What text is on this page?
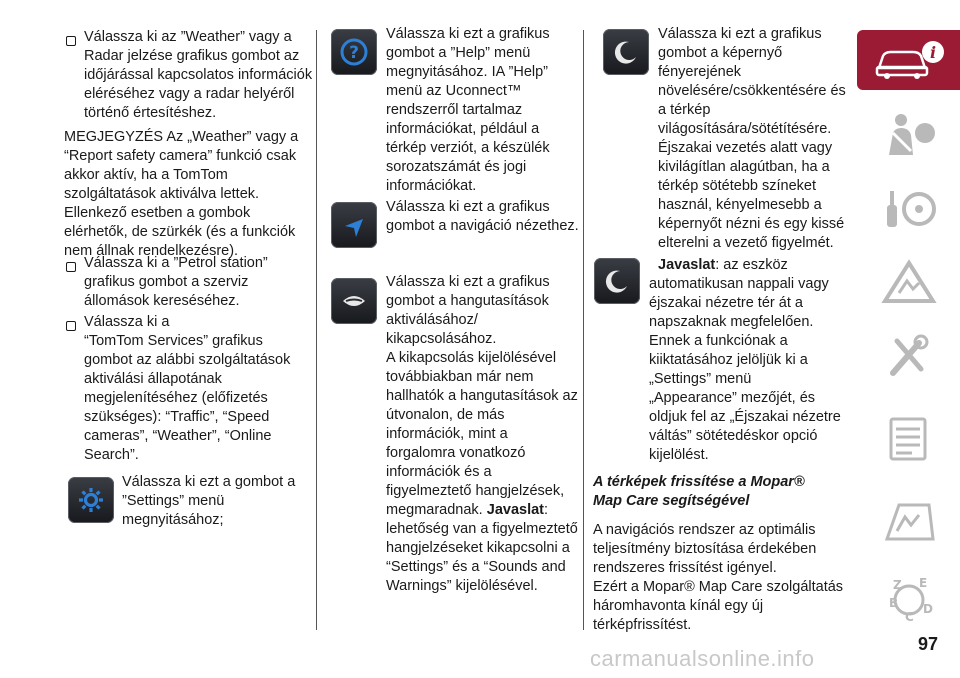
Válassza ki az ”Weather” vagy a

Radar jelzése grafikus gombot az

időjárással kapcsolatos információk

eléréséhez vagy a radar helyéről

történő értesítéshez.

MEGJEGYZÉS Az „Weather” vagy a

“Report safety camera” funkció csak

akkor aktív, ha a TomTom

szolgáltatások aktiválva lettek.

Ellenkező esetben a gombok

elérhetők, de szürkék (és a funkciók

nem állnak rendelkezésre).

Válassza ki a ”Petrol station”

grafikus gombot a szerviz

állomások kereséséhez.

Válassza ki a

“TomTom Services” grafikus

gombot az alábbi szolgáltatások

aktiválási állapotának

megjelenítéséhez (előfizetés

szükséges): “Traffic”, “Speed

cameras”, “Weather”, “Online

Search”.

Válassza ki ezt a gombot a

”Settings” menü

megnyitásához;

?

Válassza ki ezt a grafikus

gombot a ”Help” menü

megnyitásához. IA ”Help”

menü az Uconnect™

rendszerről tartalmaz

információkat, például a

térkép verziót, a készülék

sorozatszámát és jogi

információkat.

Válassza ki ezt a grafikus

gombot a navigáció nézethez.

Válassza ki ezt a grafikus

gombot a hangutasítások

aktiválásához/

kikapcsolásához.

A kikapcsolás kijelölésével

továbbiakban már nem

hallhatók a hangutasítások az

útvonalon, de más

információk, mint a

forgalomra vonatkozó

információk és a

figyelmeztető hangjelzések,

megmaradnak. Javaslat:

lehetőség van a figyelmeztető

hangjelzéseket kikapcsolni a

“Settings” és a “Sounds and

Warnings” kijelölésével.

Válassza ki ezt a grafikus

gombot a képernyő

fényerejének

növelésére/csökkentésére és

a térkép

világosítására/sötétítésére.

Éjszakai vezetés alatt vagy

kivilágítlan alagútban, ha a

térkép sötétebb színeket

használ, kényelmesebb a

képernyőt nézni és egy kissé

elterelni a vezető figyelmét.

Javaslat: az eszköz

automatikusan nappali vagy

éjszakai nézetre tér át a

napszaknak megfelelően.

Ennek a funkciónak a

kiiktatásához jelöljük ki a

„Settings” menü

„Appearance” mezőjét, és

oldjuk fel az „Éjszakai nézetre

váltás” sötétedéskor opció

kijelölést.

A térképek frissítése a Mopar®

Map Care segítségével

A navigációs rendszer az optimális

teljesítmény biztosítása érdekében

rendszeres frissítést igényel.

Ezért a Mopar® Map Care szolgáltatás

háromhavonta kínál egy új

térképfrissítést.

i
Z E
B D
C
97
carmanualsonline.info
